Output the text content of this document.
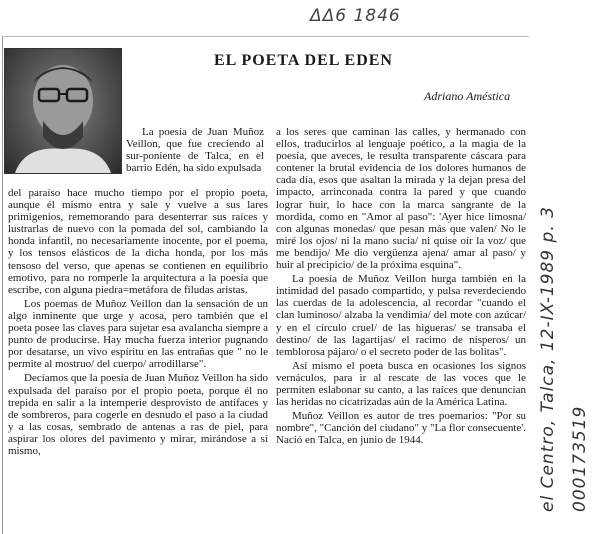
ΔΔ6 1846
el Centro, Talca, 12-IX-1989 p. 3 000173519
EL POETA DEL EDEN
Adriano Améstica

La poesía de Juan Muñoz Veillon, que fue creciendo al sur-poniente de Talca, en el barrio Edén, ha sido expulsada

del paraíso hace mucho tiempo por el propio poeta, aunque él mismo entra y sale y vuelve a sus lares primigenios, rememorando para desenterrar sus raíces y lustrarlas de nuevo con la pomada del sol, cambiando la honda infantil, no necesariamente inocente, por el poema, y los tensos elásticos de la dicha honda, por los más tensoso del verso, que apenas se contienen en equilibrio emotivo, para no romperle la arquitectura a la poesía que escribe, con alguna piedra=metáfora de filudas aristas.

Los poemas de Muñoz Veillon dan la sensación de un algo inminente que urge y acosa, pero también que el poeta posee las claves para sujetar esa avalancha siempre a punto de producirse. Hay mucha fuerza interior pugnando por desatarse, un vivo espíritu en las entrañas que " no le permite al mostruo/ del cuerpo/ arrodillarse".

Decíamos que la poesía de Juan Muñoz Veillon ha sido expulsada del paraíso por el propio poeta, porque él no trepida en salir a la intemperie desprovisto de antifaces y de sombreros, para cogerle en desnudo el paso a la ciudad y a las cosas, sembrado de antenas a ras de piel, para aspirar los olores del pavimento y mirar, mirándose a sí mismo,

a los seres que caminan las calles, y hermanado con ellos, traducirlos al lenguaje poético, a la magia de la poesía, que aveces, le resulta transparente cáscara para contener la brutal evidencia de los dolores humanos de cada día, esos que asaltan la mirada y la dejan presa del impacto, arrinconada contra la pared y que cuando lograr huir, lo hace con la marca sangrante de la mordida, como en "Amor al paso": 'Ayer hice limosna/ con algunas monedas/ que pesan más que valen/ No le miré los ojos/ ni la mano sucia/ ni quise oír la voz/ que me bendijo/ Me dio vergüenza ajena/ amar al paso/ y huir al precipicio/ de la próxima esquina".

La poesía de Muñoz Veillon hurga también en la intimidad del pasado compartido, y pulsa reverdeciendo las cuerdas de la adolescencia, al recordar "cuando el clan luminoso/ alzaba la vendimia/ del mote con azúcar/ y en el círculo cruel/ de las higueras/ se transaba el destino/ de las lagartijas/ el racimo de nísperos/ un temblorosa pájaro/ o el secreto poder de las bolitas".

Así mismo el poeta busca en ocasiones los signos vernáculos, para ir al rescate de las voces que le permiten eslabonar su canto, a las raíces que denuncian las heridas no cicatrizadas aún de la América Latina.

Muñoz Veillon es autor de tres poemarios: "Por su nombre", "Canción del ciudano" y "La flor consecuente'. Nació en Talca, en junio de 1944.
